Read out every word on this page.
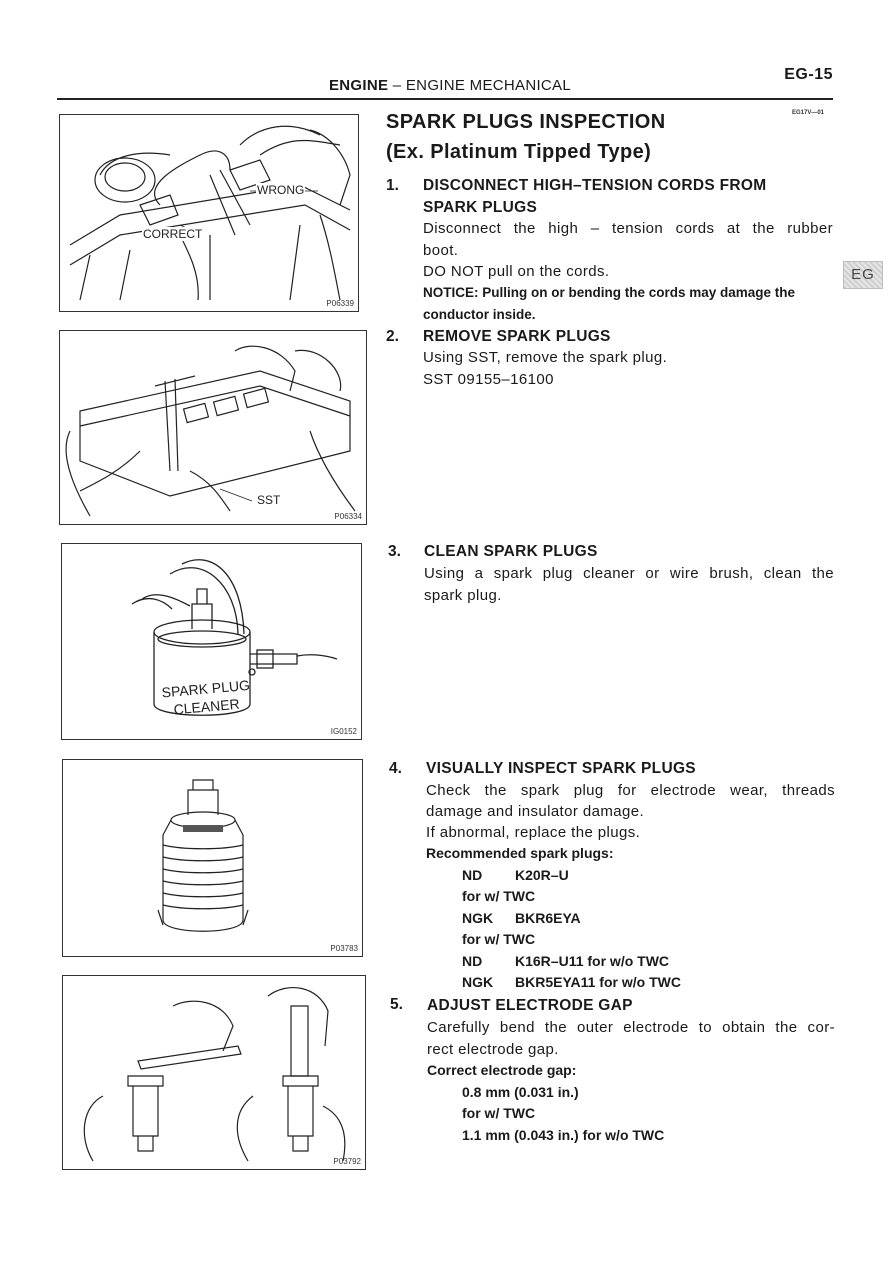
ENGINE – ENGINE MECHANICAL
EG-15
EG17V—01
EG
WRONG
CORRECT
P06339
SST
P06334
SPARK PLUG
CLEANER
IG0152
P03783
P03792
SPARK PLUGS INSPECTION
(Ex. Platinum Tipped Type)
1. DISCONNECT HIGH–TENSION CORDS FROM
SPARK PLUGS
Disconnect the high – tension cords at the rubber
boot.
DO NOT pull on the cords.
NOTICE: Pulling on or bending the cords may damage the
conductor inside.
2. REMOVE SPARK PLUGS
Using SST, remove the spark plug.
SST 09155–16100
3. CLEAN SPARK PLUGS
Using a spark plug cleaner or wire brush, clean the
spark plug.
4. VISUALLY INSPECT SPARK PLUGS
Check the spark plug for electrode wear, threads
damage and insulator damage.
If abnormal, replace the plugs.
Recommended spark plugs:
ND K20R–U
for w/ TWC
NGK BKR6EYA
for w/ TWC
ND K16R–U11 for w/o TWC
NGK BKR5EYA11 for w/o TWC
5. ADJUST ELECTRODE GAP
Carefully bend the outer electrode to obtain the cor-
rect electrode gap.
Correct electrode gap:
0.8 mm (0.031 in.)
for w/ TWC
1.1 mm (0.043 in.) for w/o TWC
